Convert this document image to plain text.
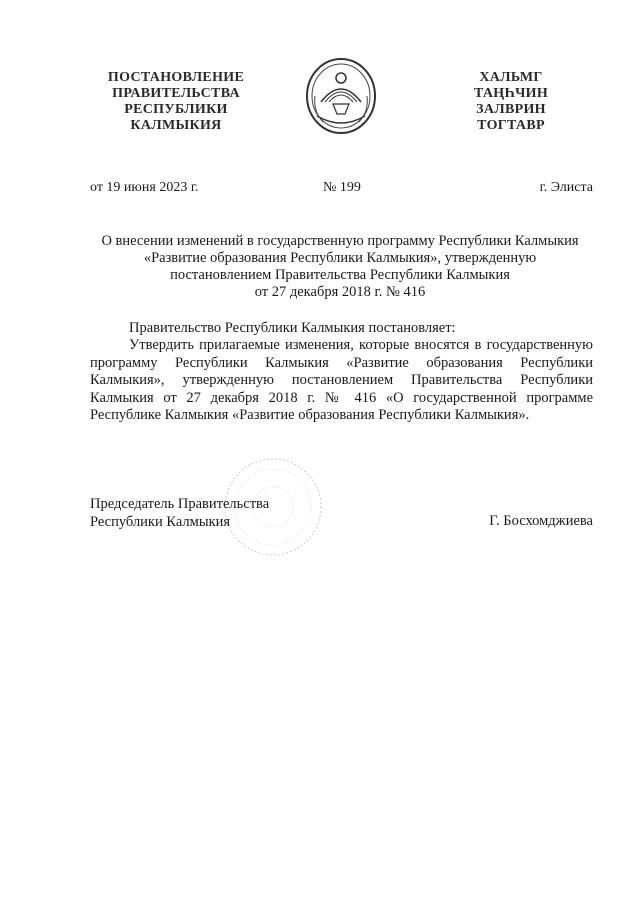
ПОСТАНОВЛЕНИЕ
ПРАВИТЕЛЬСТВА
РЕСПУБЛИКИ
КАЛМЫКИЯ
ХАЛЬМГ
ТАҢҺЧИН
ЗАЛВРИН
ТОГТАВР
от 19 июня 2023 г.	№ 199	г. Элиста
О внесении изменений в государственную программу Республики Калмыкия
«Развитие образования Республики Калмыкия», утвержденную
постановлением Правительства Республики Калмыкия
от 27 декабря 2018 г. № 416
Правительство Республики Калмыкия постановляет:
Утвердить прилагаемые изменения, которые вносятся в государственную программу Республики Калмыкия «Развитие образования Республики Калмыкия», утвержденную постановлением Правительства Республики Калмыкия от 27 декабря 2018 г. № 416 «О государственной программе Республике Калмыкия «Развитие образования Республики Калмыкия».
Председатель Правительства
Республики Калмыкия	Г. Босхомджиева
